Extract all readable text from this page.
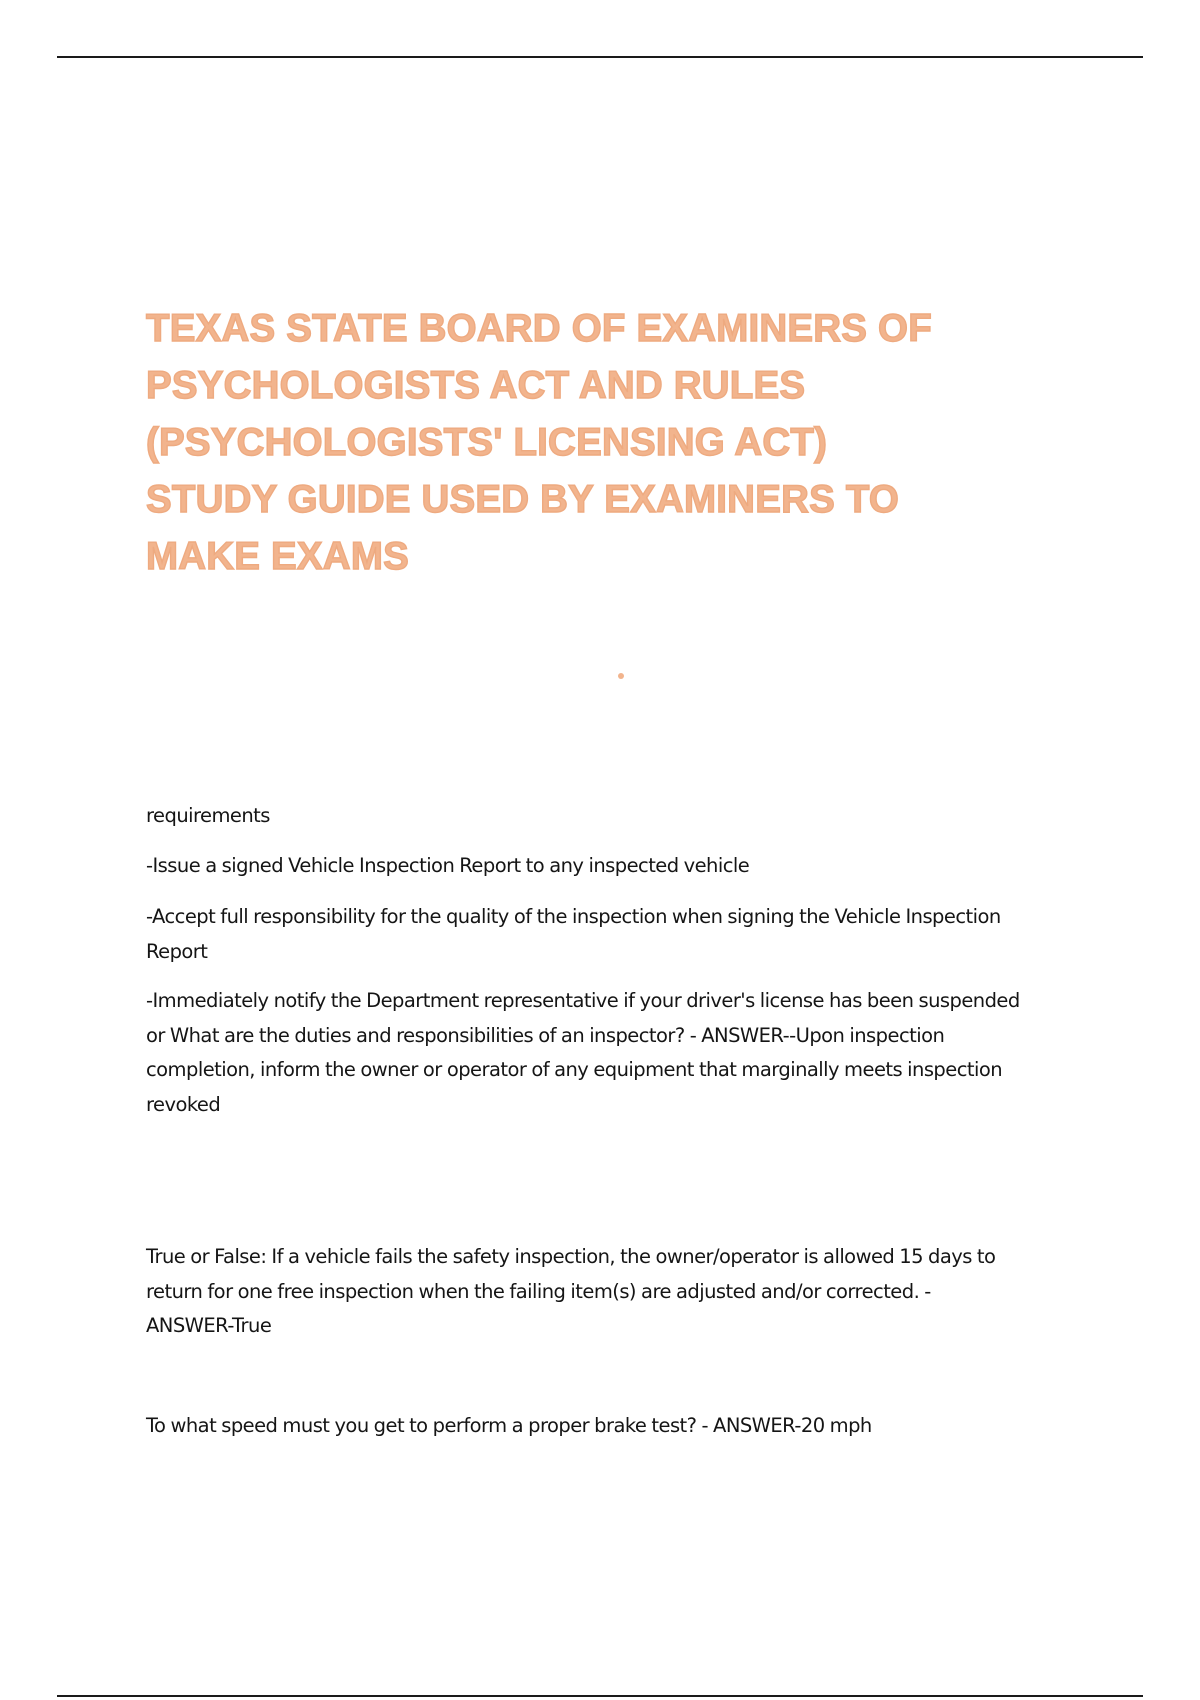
TEXAS STATE BOARD OF EXAMINERS OF
PSYCHOLOGISTS ACT AND RULES
(PSYCHOLOGISTS' LICENSING ACT)
STUDY GUIDE USED BY EXAMINERS TO
MAKE EXAMS

requirements

-Issue a signed Vehicle Inspection Report to any inspected vehicle

-Accept full responsibility for the quality of the inspection when signing the Vehicle Inspection
Report

-Immediately notify the Department representative if your driver's license has been suspended
or What are the duties and responsibilities of an inspector? - ANSWER--Upon inspection
completion, inform the owner or operator of any equipment that marginally meets inspection
revoked

True or False: If a vehicle fails the safety inspection, the owner/operator is allowed 15 days to
return for one free inspection when the failing item(s) are adjusted and/or corrected. -
ANSWER-True

To what speed must you get to perform a proper brake test? - ANSWER-20 mph
